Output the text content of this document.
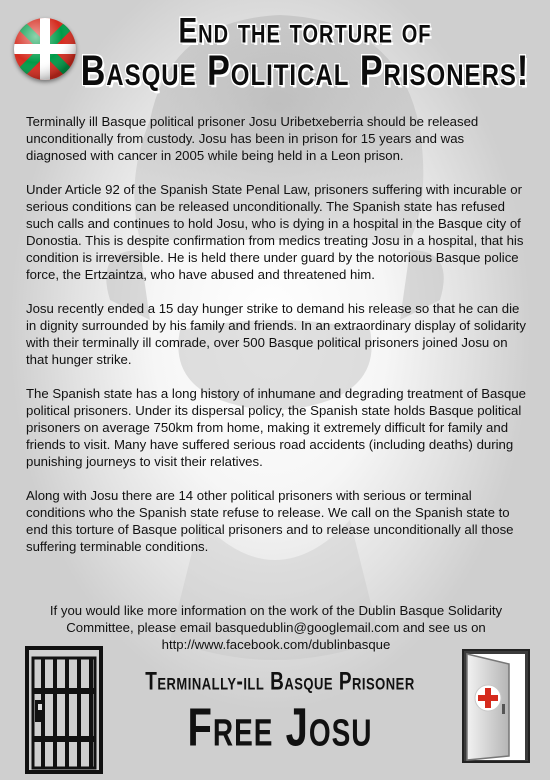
End the torture of
Basque Political Prisoners!

Terminally ill Basque political prisoner Josu Uribetxeberria should be released unconditionally from custody. Josu has been in prison for 15 years and was diagnosed with cancer in 2005 while being held in a Leon prison.

Under Article 92 of the Spanish State Penal Law, prisoners suffering with incurable or serious conditions can be released unconditionally. The Spanish state has refused such calls and continues to hold Josu, who is dying in a hospital in the Basque city of Donostia. This is despite confirmation from medics treating Josu in a hospital, that his condition is irreversible. He is held there under guard by the notorious Basque police force, the Ertzaintza, who have abused and threatened him.

Josu recently ended a 15 day hunger strike to demand his release so that he can die in dignity surrounded by his family and friends. In an extraordinary display of solidarity with their terminally ill comrade, over 500 Basque political prisoners joined Josu on that hunger strike.

The Spanish state has a long history of inhumane and degrading treatment of Basque political prisoners. Under its dispersal policy, the Spanish state holds Basque political prisoners on average 750km from home, making it extremely difficult for family and friends to visit. Many have suffered serious road accidents (including deaths) during punishing journeys to visit their relatives.

Along with Josu there are 14 other political prisoners with serious or terminal conditions who the Spanish state refuse to release. We call on the Spanish state to end this torture of Basque political prisoners and to release unconditionally all those suffering terminable conditions.

If you would like more information on the work of the Dublin Basque Solidarity
Committee, please email basquedublin@googlemail.com and see us on
http://www.facebook.com/dublinbasque
Terminally-ill Basque Prisoner
Free Josu
